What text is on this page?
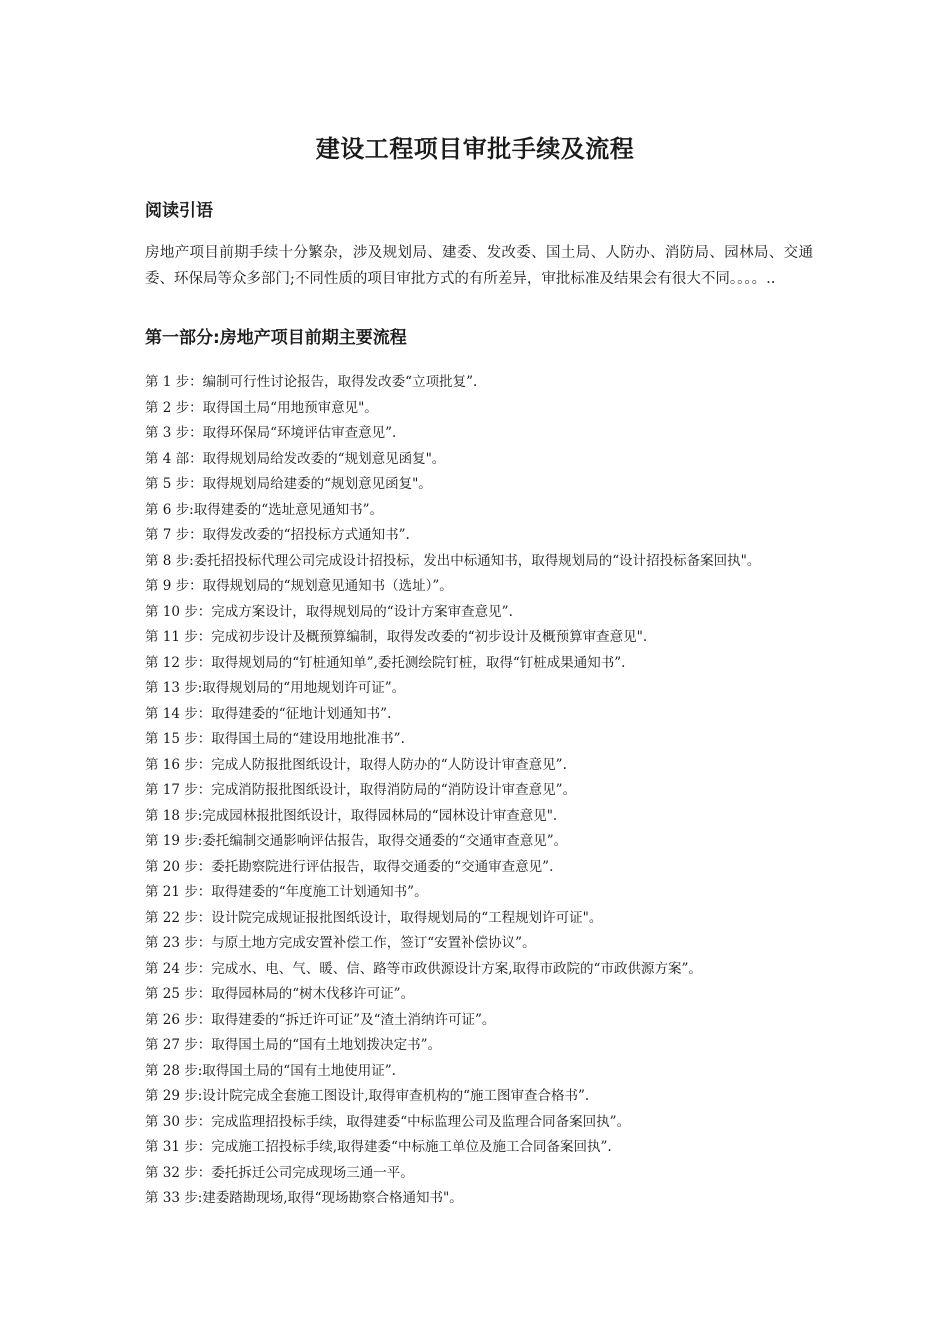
建设工程项目审批手续及流程
阅读引语

房地产项目前期手续十分繁杂，涉及规划局、建委、发改委、国土局、人防办、消防局、园林局、交通委、环保局等众多部门;不同性质的项目审批方式的有所差异，审批标准及结果会有很大不同。。。。..

第一部分:房地产项目前期主要流程
第 1 步：编制可行性讨论报告，取得发改委“立项批复”.
第 2 步：取得国土局“用地预审意见"。
第 3 步：取得环保局“环境评估审查意见”.
第 4 部：取得规划局给发改委的“规划意见函复"。
第 5 步：取得规划局给建委的“规划意见函复"。
第 6 步:取得建委的“选址意见通知书”。
第 7 步：取得发改委的“招投标方式通知书”.
第 8 步:委托招投标代理公司完成设计招投标，发出中标通知书，取得规划局的“设计招投标备案回执"。
第 9 步：取得规划局的“规划意见通知书（选址）”。
第 10 步：完成方案设计，取得规划局的“设计方案审查意见”.
第 11 步：完成初步设计及概预算编制，取得发改委的“初步设计及概预算审查意见".
第 12 步：取得规划局的“钉桩通知单”,委托测绘院钉桩，取得“钉桩成果通知书”.
第 13 步:取得规划局的“用地规划许可证”。
第 14 步：取得建委的“征地计划通知书”.
第 15 步：取得国土局的“建设用地批准书”.
第 16 步：完成人防报批图纸设计，取得人防办的“人防设计审查意见”.
第 17 步：完成消防报批图纸设计，取得消防局的“消防设计审查意见”。
第 18 步:完成园林报批图纸设计，取得园林局的“园林设计审查意见".
第 19 步:委托编制交通影响评估报告，取得交通委的“交通审查意见”。
第 20 步：委托勘察院进行评估报告，取得交通委的“交通审查意见”.
第 21 步：取得建委的“年度施工计划通知书”。
第 22 步：设计院完成规证报批图纸设计，取得规划局的“工程规划许可证"。
第 23 步：与原土地方完成安置补偿工作，签订“安置补偿协议”。
第 24 步：完成水、电、气、暖、信、路等市政供源设计方案,取得市政院的“市政供源方案”。
第 25 步：取得园林局的“树木伐移许可证”。
第 26 步：取得建委的“拆迁许可证”及“渣土消纳许可证”。
第 27 步：取得国土局的“国有土地划拨决定书”。
第 28 步:取得国土局的“国有土地使用证”.
第 29 步:设计院完成全套施工图设计,取得审查机构的“施工图审查合格书”.
第 30 步：完成监理招投标手续，取得建委“中标监理公司及监理合同备案回执”。
第 31 步：完成施工招投标手续,取得建委“中标施工单位及施工合同备案回执”.
第 32 步：委托拆迁公司完成现场三通一平。
第 33 步:建委踏勘现场,取得“现场勘察合格通知书"。
